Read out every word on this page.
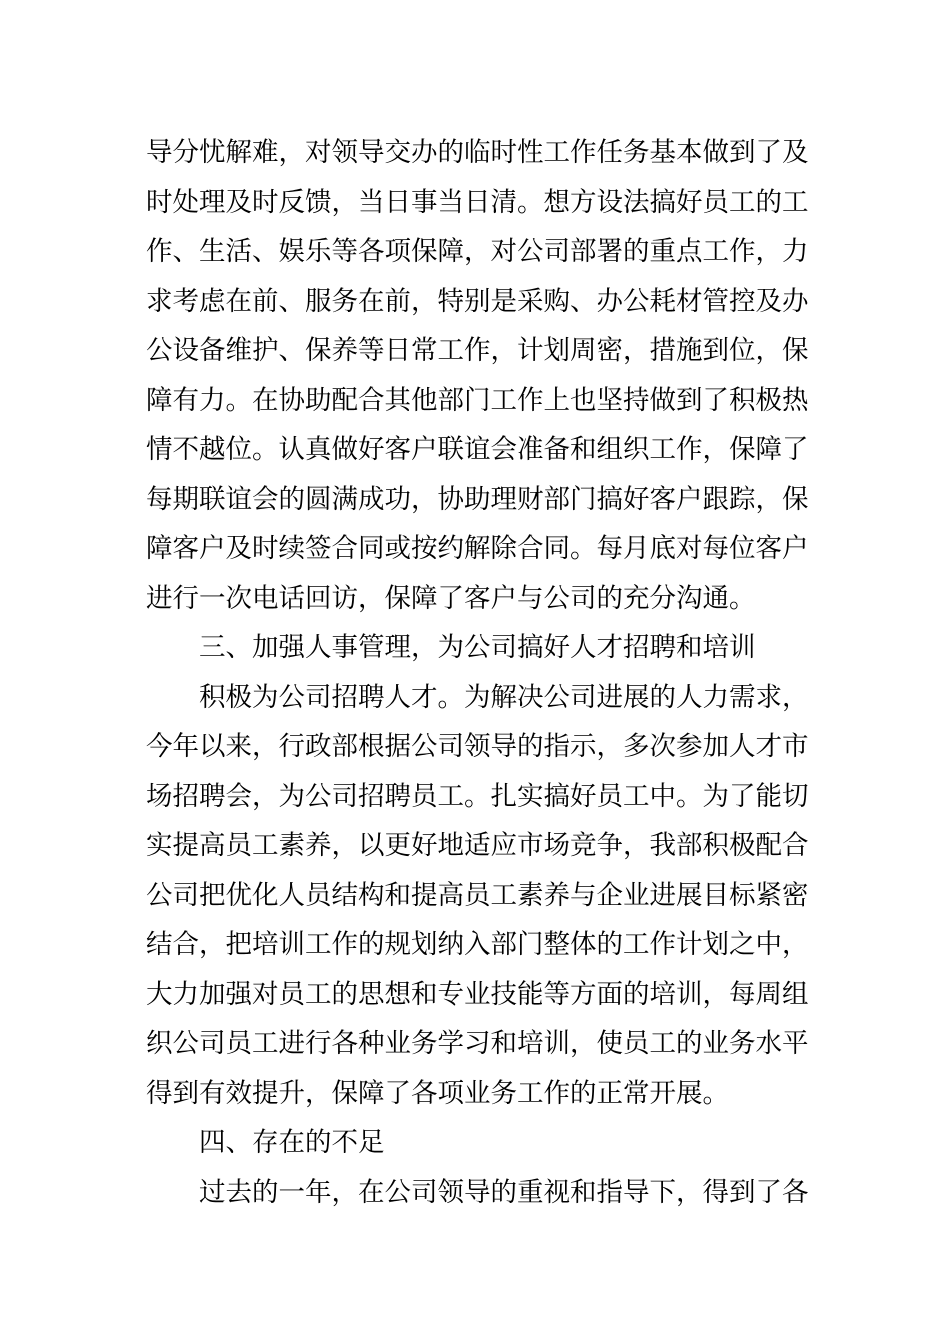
导分忧解难，对领导交办的临时性工作任务基本做到了及
时处理及时反馈，当日事当日清。想方设法搞好员工的工
作、生活、娱乐等各项保障，对公司部署的重点工作，力
求考虑在前、服务在前，特别是采购、办公耗材管控及办
公设备维护、保养等日常工作，计划周密，措施到位，保
障有力。在协助配合其他部门工作上也坚持做到了积极热
情不越位。认真做好客户联谊会准备和组织工作，保障了
每期联谊会的圆满成功，协助理财部门搞好客户跟踪，保
障客户及时续签合同或按约解除合同。每月底对每位客户
进行一次电话回访，保障了客户与公司的充分沟通。
三、加强人事管理，为公司搞好人才招聘和培训
积极为公司招聘人才。为解决公司进展的人力需求，
今年以来，行政部根据公司领导的指示，多次参加人才市
场招聘会，为公司招聘员工。扎实搞好员工中。为了能切
实提高员工素养，以更好地适应市场竞争，我部积极配合
公司把优化人员结构和提高员工素养与企业进展目标紧密
结合，把培训工作的规划纳入部门整体的工作计划之中，
大力加强对员工的思想和专业技能等方面的培训，每周组
织公司员工进行各种业务学习和培训，使员工的业务水平
得到有效提升，保障了各项业务工作的正常开展。
四、存在的不足
过去的一年，在公司领导的重视和指导下，得到了各
